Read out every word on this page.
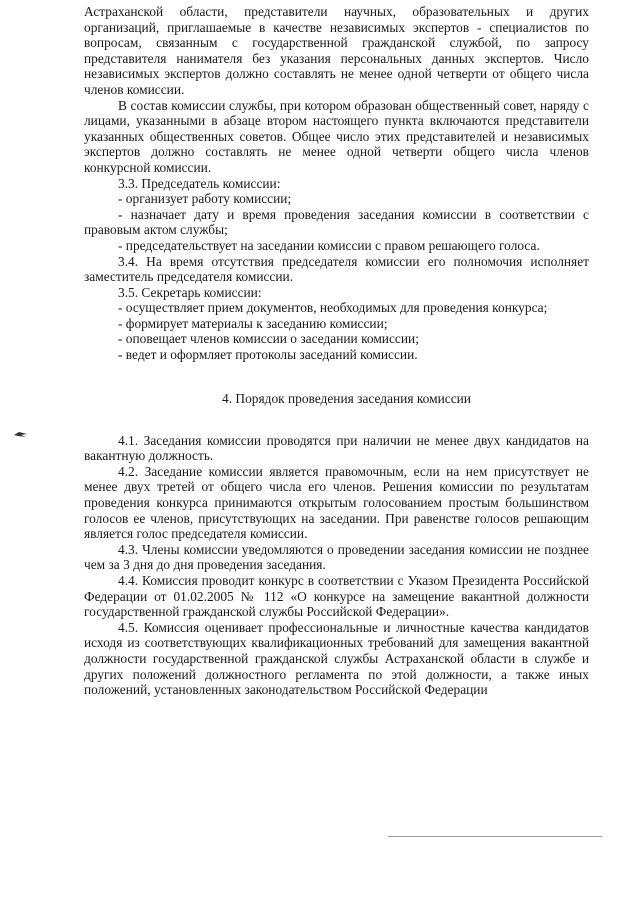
Астраханской области, представители научных, образовательных и других организаций, приглашаемые в качестве независимых экспертов - специалистов по вопросам, связанным с государственной гражданской службой, по запросу представителя нанимателя без указания персональных данных экспертов. Число независимых экспертов должно составлять не менее одной четверти от общего числа членов комиссии.

В состав комиссии службы, при котором образован общественный совет, наряду с лицами, указанными в абзаце втором настоящего пункта включаются представители указанных общественных советов. Общее число этих представителей и независимых экспертов должно составлять не менее одной четверти общего числа членов конкурсной комиссии.

3.3. Председатель комиссии:

- организует работу комиссии;

- назначает дату и время проведения заседания комиссии в соответствии с правовым актом службы;

- председательствует на заседании комиссии с правом решающего голоса.

3.4. На время отсутствия председателя комиссии его полномочия исполняет заместитель председателя комиссии.

3.5. Секретарь комиссии:

- осуществляет прием документов, необходимых для проведения конкурса;

- формирует материалы к заседанию комиссии;

- оповещает членов комиссии о заседании комиссии;

- ведет и оформляет протоколы заседаний комиссии.

4. Порядок проведения заседания комиссии

4.1. Заседания комиссии проводятся при наличии не менее двух кандидатов на вакантную должность.

4.2. Заседание комиссии является правомочным, если на нем присутствует не менее двух третей от общего числа его членов. Решения комиссии по результатам проведения конкурса принимаются открытым голосованием простым большинством голосов ее членов, присутствующих на заседании. При равенстве голосов решающим является голос председателя комиссии.

4.3. Члены комиссии уведомляются о проведении заседания комиссии не позднее чем за 3 дня до дня проведения заседания.

4.4. Комиссия проводит конкурс в соответствии с Указом Президента Российской Федерации от 01.02.2005 № 112 «О конкурсе на замещение вакантной должности государственной гражданской службы Российской Федерации».

4.5. Комиссия оценивает профессиональные и личностные качества кандидатов исходя из соответствующих квалификационных требований для замещения вакантной должности государственной гражданской службы Астраханской области в службе и других положений должностного регламента по этой должности, а также иных положений, установленных законодательством Российской Федерации
